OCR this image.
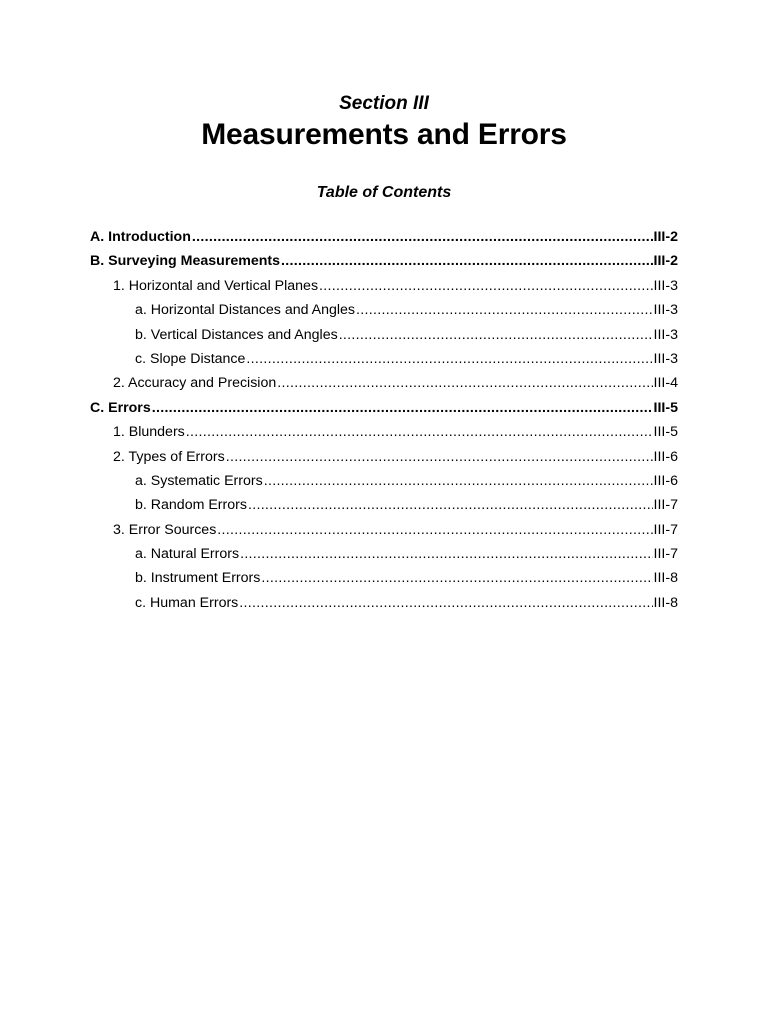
Section III
Measurements and Errors
Table of Contents
A. Introduction .....	III-2
B. Surveying Measurements .....	III-2
1. Horizontal and Vertical Planes .....	III-3
a. Horizontal Distances and Angles .....	III-3
b. Vertical Distances and Angles .....	III-3
c. Slope Distance .....	III-3
2. Accuracy and Precision .....	III-4
C. Errors .....	III-5
1. Blunders .....	III-5
2. Types of Errors .....	III-6
a. Systematic Errors .....	III-6
b. Random Errors .....	III-7
3. Error Sources .....	III-7
a. Natural Errors .....	III-7
b. Instrument Errors .....	III-8
c. Human Errors .....	III-8
